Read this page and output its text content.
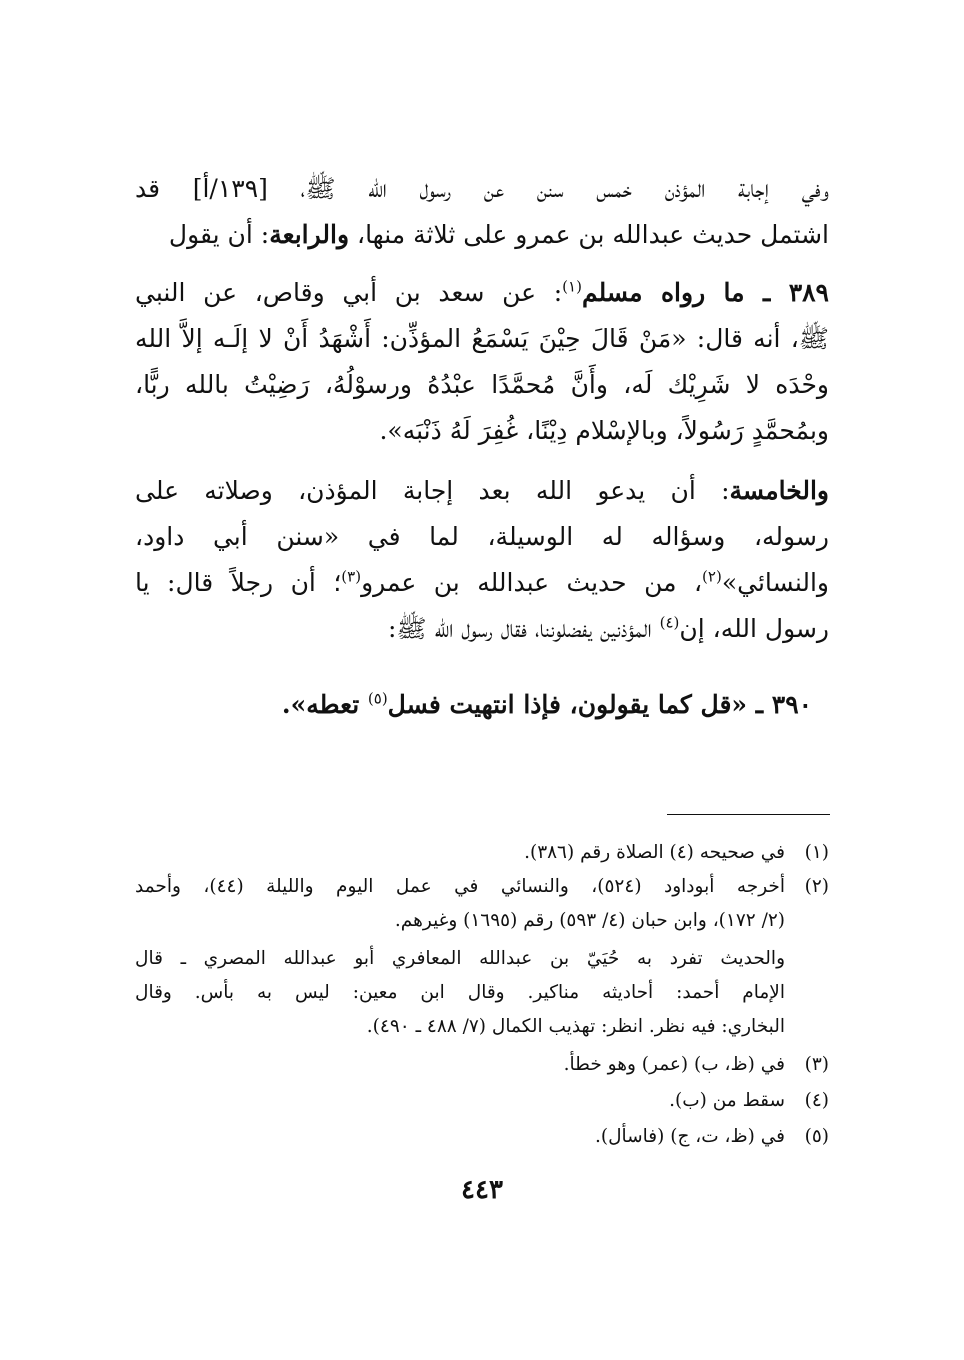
وفي إجابة المؤذن خمس سنن عن رسول الله ﷺ، [١٣٩/أ] قد
اشتمل حديث عبدالله بن عمرو على ثلاثة منها، والرابعة: أن يقول
٣٨٩ ـ ما رواه مسلم$^{(١)}$: عن سعد بن أبي وقاص، عن النبي
ﷺ، أنه قال: «مَنْ قَالَ حِيْنَ يَسْمَعُ المؤذِّن: أَشْهَدُ أَنْ لا إلَـه إلاَّ الله
وحْدَه لا شَرِيْك لَه، وأَنَّ مُحمَّدًا عبْدُهُ ورسوْلُهُ، رَضِيْتُ بالله ربًّا،
وبمُحمَّدٍ رَسُولاً، وبالإسْلام دِيْنًا، غُفِرَ لَهُ ذَنْبَه».
والخامسة: أن يدعو الله بعد إجابة المؤذن، وصلاته على
رسوله، وسؤاله له الوسيلة، لما في «سنن أبي داود،
والنسائي»$^{(٢)}$، من حديث عبدالله بن عمرو$^{(٣)}$؛ أن رجلاً قال: يا
رسول الله، إن$^{(٤)}$ المؤذنين يفضلوننا، فقال رسول الله ﷺ:
٣٩٠ ـ «قل كما يقولون، فإذا انتهيت فسل$^{(٥)}$ تعطه».
(١)
في صحيحه (٤) الصلاة رقم (٣٨٦).
(٢)
أخرجه أبوداود (٥٢٤)، والنسائي في عمل اليوم والليلة (٤٤)، وأحمد
(٢/ ١٧٢)، وابن حبان (٤/ ٥٩٣) رقم (١٦٩٥) وغيرهم.
والحديث تفرد به حُيَيّ بن عبدالله المعافري أبو عبدالله المصري ـ قال
الإمام أحمد: أحاديثه مناكير. وقال ابن معين: ليس به بأس. وقال
البخاري: فيه نظر. انظر: تهذيب الكمال (٧/ ٤٨٨ ـ ٤٩٠).
(٣)
في (ظ، ب) (عمر) وهو خطأ.
(٤)
سقط من (ب).
(٥)
في (ظ، ت، ج) (فاسأل).
٤٤٣
